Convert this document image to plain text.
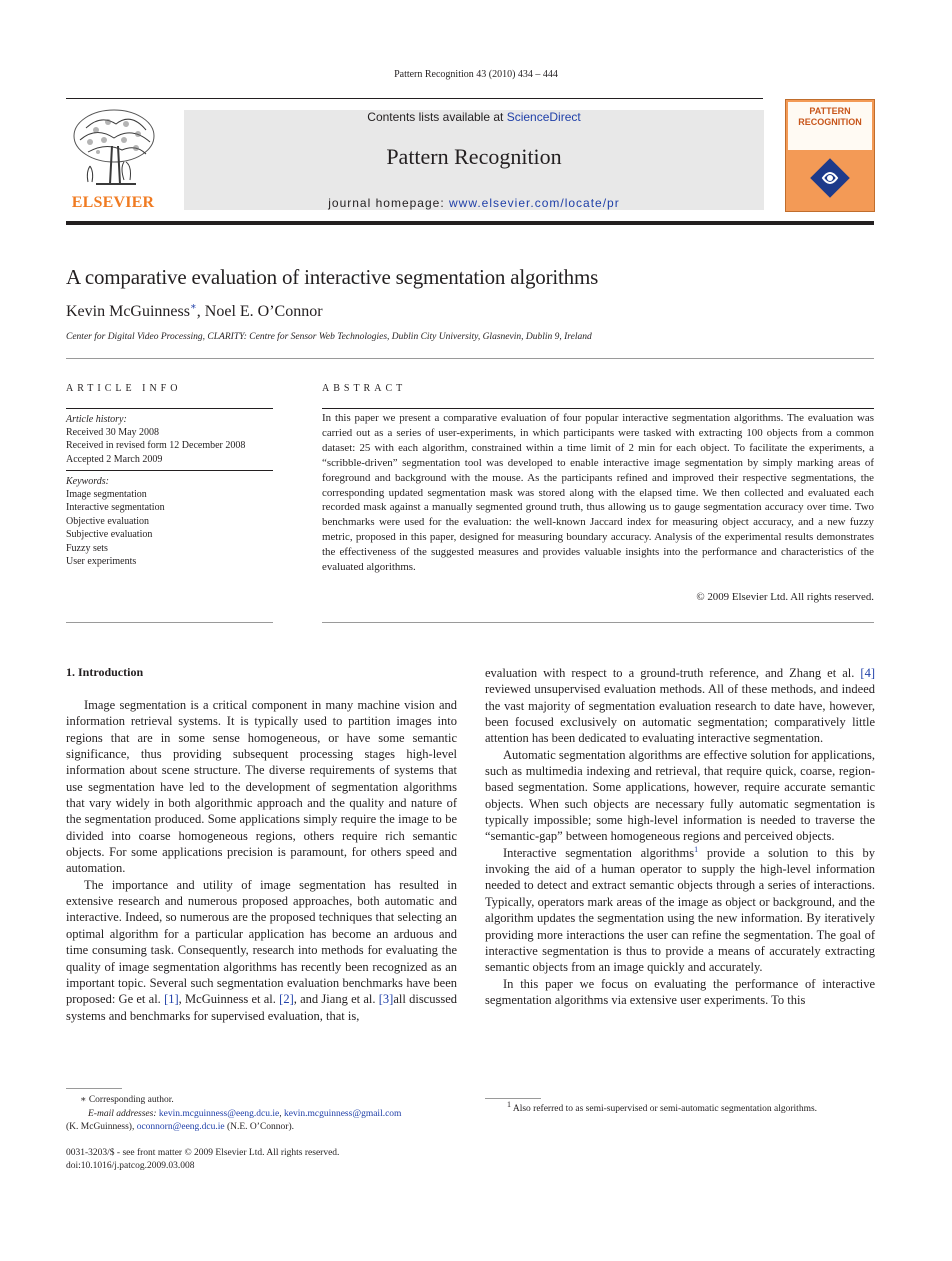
Pattern Recognition 43 (2010) 434 – 444
ELSEVIER
Contents lists available at ScienceDirect
Pattern Recognition
journal homepage: www.elsevier.com/locate/pr
PATTERN
RECOGNITION
A comparative evaluation of interactive segmentation algorithms
Kevin McGuinness∗, Noel E. O’Connor
Center for Digital Video Processing, CLARITY: Centre for Sensor Web Technologies, Dublin City University, Glasnevin, Dublin 9, Ireland
ARTICLE INFO
Article history:
Received 30 May 2008
Received in revised form 12 December 2008
Accepted 2 March 2009
Keywords:
Image segmentation
Interactive segmentation
Objective evaluation
Subjective evaluation
Fuzzy sets
User experiments
ABSTRACT
In this paper we present a comparative evaluation of four popular interactive segmentation algorithms. The evaluation was carried out as a series of user-experiments, in which participants were tasked with extracting 100 objects from a common dataset: 25 with each algorithm, constrained within a time limit of 2 min for each object. To facilitate the experiments, a “scribble-driven” segmentation tool was developed to enable interactive image segmentation by simply marking areas of foreground and background with the mouse. As the participants refined and improved their respective segmentations, the corresponding updated segmentation mask was stored along with the elapsed time. We then collected and evaluated each recorded mask against a manually segmented ground truth, thus allowing us to gauge segmentation accuracy over time. Two benchmarks were used for the evaluation: the well-known Jaccard index for measuring object accuracy, and a new fuzzy metric, proposed in this paper, designed for measuring boundary accuracy. Analysis of the experimental results demonstrates the effectiveness of the suggested measures and provides valuable insights into the performance and characteristics of the evaluated algorithms.
© 2009 Elsevier Ltd. All rights reserved.
1. Introduction

Image segmentation is a critical component in many machine vision and information retrieval systems. It is typically used to partition images into regions that are in some sense homogeneous, or have some semantic significance, thus providing subsequent processing stages high-level information about scene structure. The diverse requirements of systems that use segmentation have led to the development of segmentation algorithms that vary widely in both algorithmic approach and the quality and nature of the segmentation produced. Some applications simply require the image to be divided into coarse homogeneous regions, others require rich semantic objects. For some applications precision is paramount, for others speed and automation.

The importance and utility of image segmentation has resulted in extensive research and numerous proposed approaches, both automatic and interactive. Indeed, so numerous are the proposed techniques that selecting an optimal algorithm for a particular application has become an arduous and time consuming task. Consequently, research into methods for evaluating the quality of image segmentation algorithms has recently been recognized as an important topic. Several such segmentation evaluation benchmarks have been proposed: Ge et al. [1], McGuinness et al. [2], and Jiang et al. [3]all discussed systems and benchmarks for supervised evaluation, that is,

evaluation with respect to a ground-truth reference, and Zhang et al. [4] reviewed unsupervised evaluation methods. All of these methods, and indeed the vast majority of segmentation evaluation research to date have, however, been focused exclusively on automatic segmentation; comparatively little attention has been dedicated to evaluating interactive segmentation.

Automatic segmentation algorithms are effective solution for applications, such as multimedia indexing and retrieval, that require quick, coarse, region-based segmentation. Some applications, however, require accurate semantic objects. When such objects are necessary fully automatic segmentation is typically impossible; some high-level information is needed to traverse the “semantic-gap” between homogeneous regions and perceived objects.

Interactive segmentation algorithms$^1$ provide a solution to this by invoking the aid of a human operator to supply the high-level information needed to detect and extract semantic objects through a series of interactions. Typically, operators mark areas of the image as object or background, and the algorithm updates the segmentation using the new information. By iteratively providing more interactions the user can refine the segmentation. The goal of interactive segmentation is thus to provide a means of accurately extracting semantic objects from an image quickly and accurately.

In this paper we focus on evaluating the performance of interactive segmentation algorithms via extensive user experiments. To this

∗ Corresponding author.
E-mail addresses: kevin.mcguinness@eeng.dcu.ie, kevin.mcguinness@gmail.com
(K. McGuinness), oconnorn@eeng.dcu.ie (N.E. O’Connor).
$^1$ Also referred to as semi-supervised or semi-automatic segmentation algorithms.
0031-3203/$ - see front matter © 2009 Elsevier Ltd. All rights reserved.
doi:10.1016/j.patcog.2009.03.008
